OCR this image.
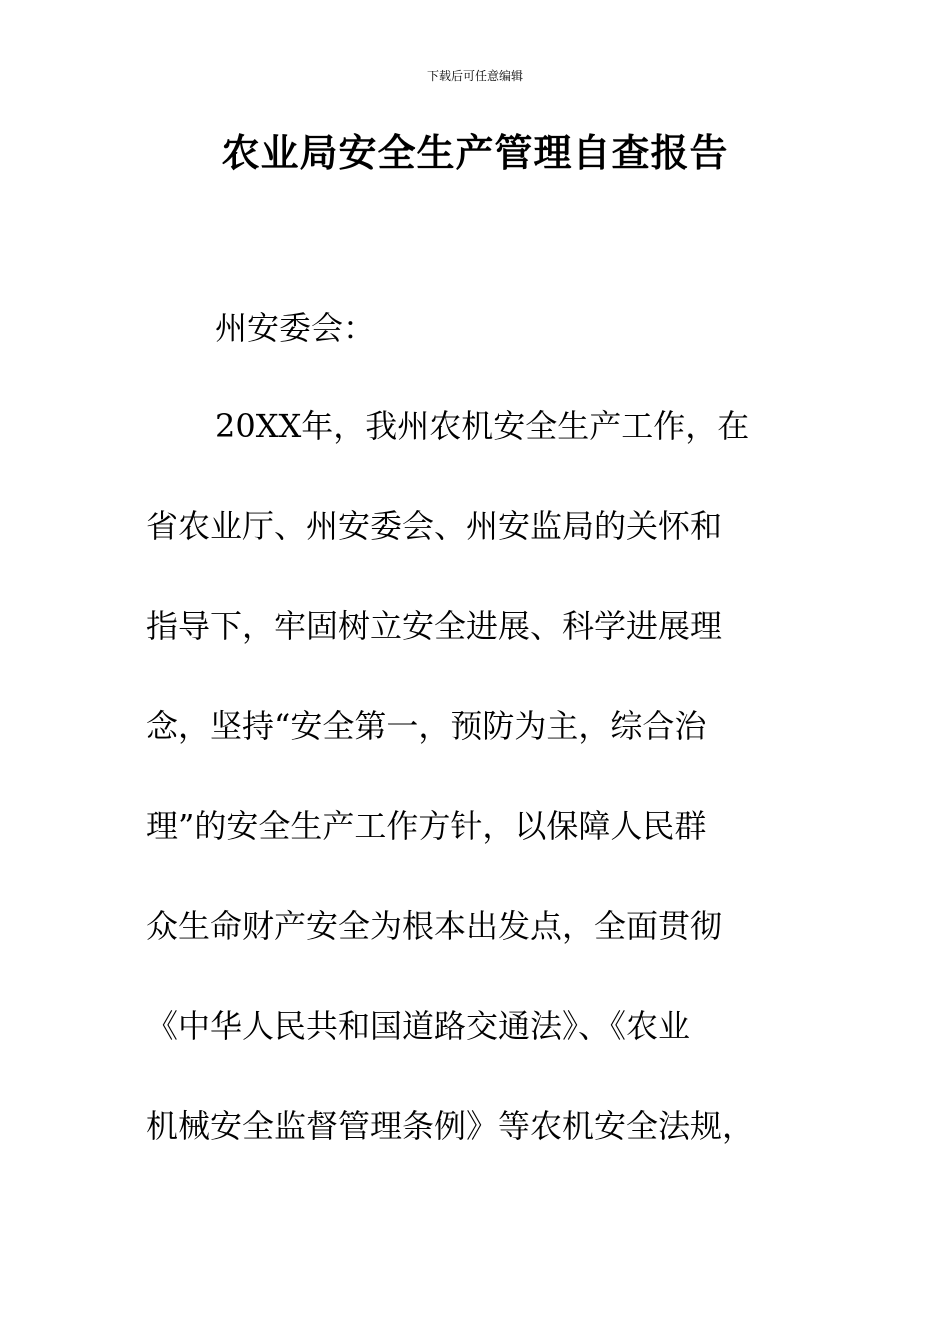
下载后可任意编辑
农业局安全生产管理自查报告
州安委会：
20XX年，我州农机安全生产工作，在
省农业厅、州安委会、州安监局的关怀和
指导下，牢固树立安全进展、科学进展理
念，坚持“安全第一，预防为主，综合治
理”的安全生产工作方针，以保障人民群
众生命财产安全为根本出发点，全面贯彻
《中华人民共和国道路交通法》、《农业
机械安全监督管理条例》等农机安全法规，
